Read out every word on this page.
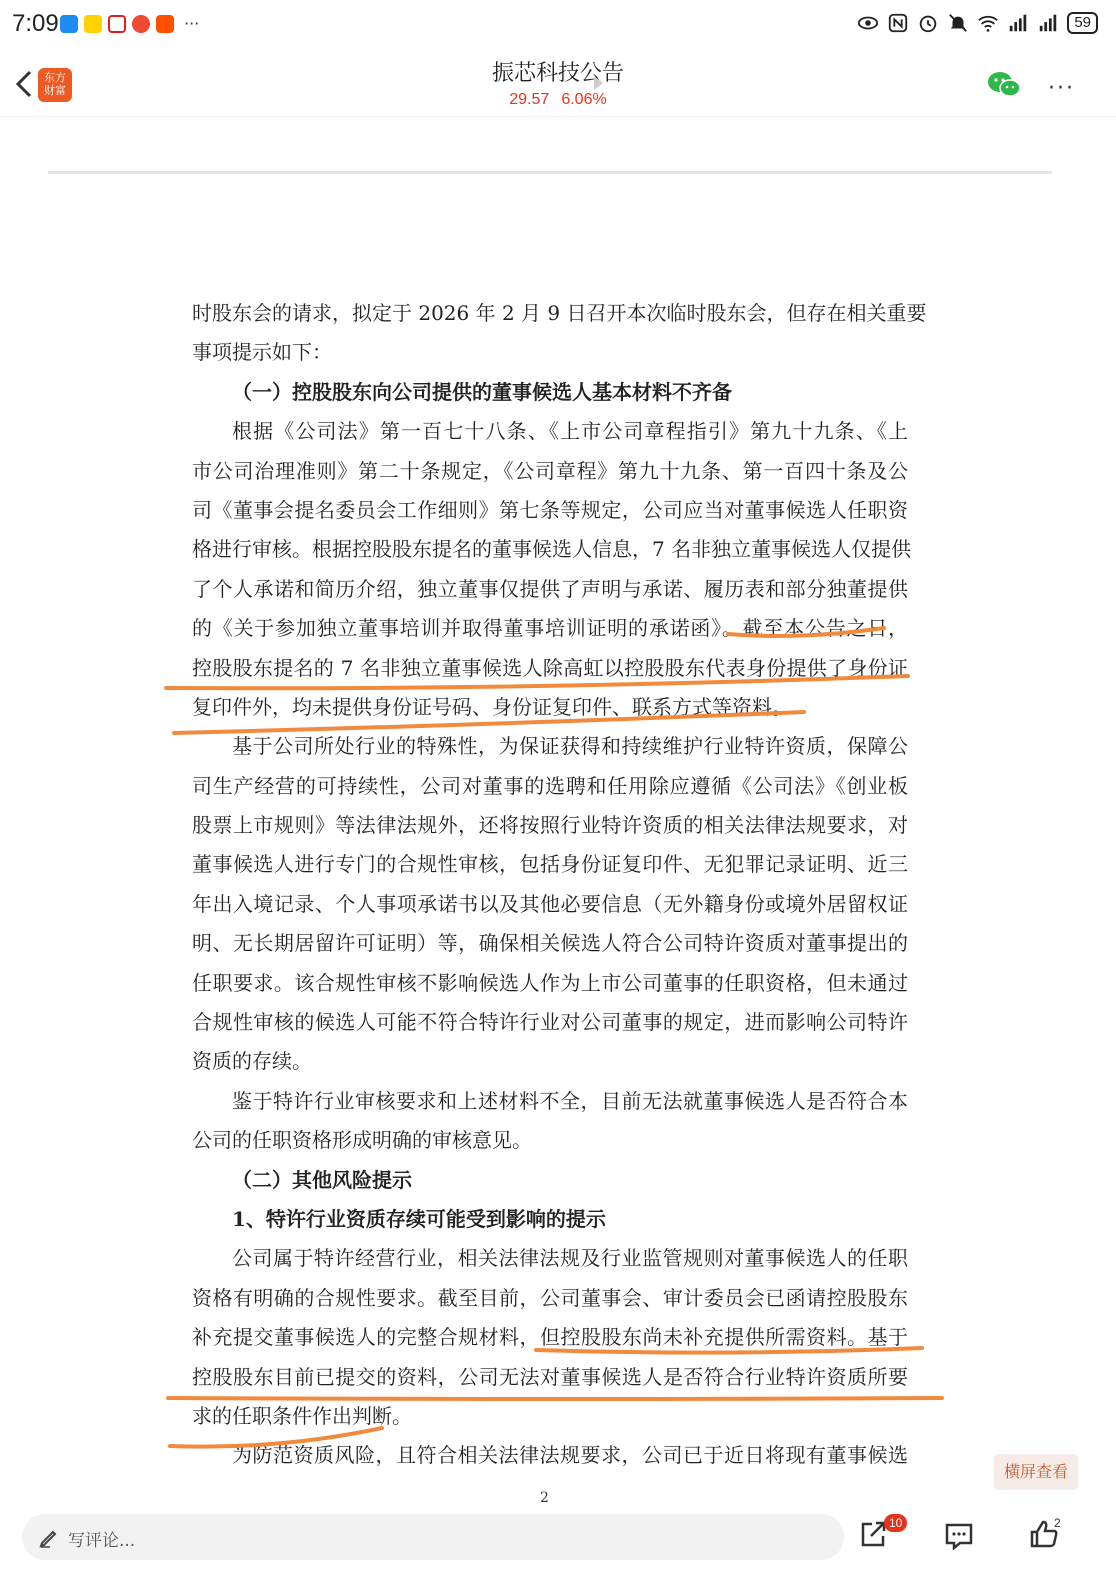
7:09	···	59
东方
财富
振芯科技公告
29.57 6.06%	···
时股东会的请求，拟定于 2026 年 2 月 9 日召开本次临时股东会，但存在相关重要
事项提示如下：
（一）控股股东向公司提供的董事候选人基本材料不齐备
根据《公司法》第一百七十八条、《上市公司章程指引》第九十九条、《上
市公司治理准则》第二十条规定，《公司章程》第九十九条、第一百四十条及公
司《董事会提名委员会工作细则》第七条等规定，公司应当对董事候选人任职资
格进行审核。根据控股股东提名的董事候选人信息，7 名非独立董事候选人仅提供
了个人承诺和简历介绍，独立董事仅提供了声明与承诺、履历表和部分独董提供
的《关于参加独立董事培训并取得董事培训证明的承诺函》。截至本公告之日，
控股股东提名的 7 名非独立董事候选人除高虹以控股股东代表身份提供了身份证
复印件外，均未提供身份证号码、身份证复印件、联系方式等资料。
基于公司所处行业的特殊性，为保证获得和持续维护行业特许资质，保障公
司生产经营的可持续性，公司对董事的选聘和任用除应遵循《公司法》《创业板
股票上市规则》等法律法规外，还将按照行业特许资质的相关法律法规要求，对
董事候选人进行专门的合规性审核，包括身份证复印件、无犯罪记录证明、近三
年出入境记录、个人事项承诺书以及其他必要信息（无外籍身份或境外居留权证
明、无长期居留许可证明）等，确保相关候选人符合公司特许资质对董事提出的
任职要求。该合规性审核不影响候选人作为上市公司董事的任职资格，但未通过
合规性审核的候选人可能不符合特许行业对公司董事的规定，进而影响公司特许
资质的存续。
鉴于特许行业审核要求和上述材料不全，目前无法就董事候选人是否符合本
公司的任职资格形成明确的审核意见。
（二）其他风险提示
1、特许行业资质存续可能受到影响的提示
公司属于特许经营行业，相关法律法规及行业监管规则对董事候选人的任职
资格有明确的合规性要求。截至目前，公司董事会、审计委员会已函请控股股东
补充提交董事候选人的完整合规材料，但控股股东尚未补充提供所需资料。基于
控股股东目前已提交的资料，公司无法对董事候选人是否符合行业特许资质所要
求的任职条件作出判断。
为防范资质风险，且符合相关法律法规要求，公司已于近日将现有董事候选
2
横屏查看
写评论...
10	2
